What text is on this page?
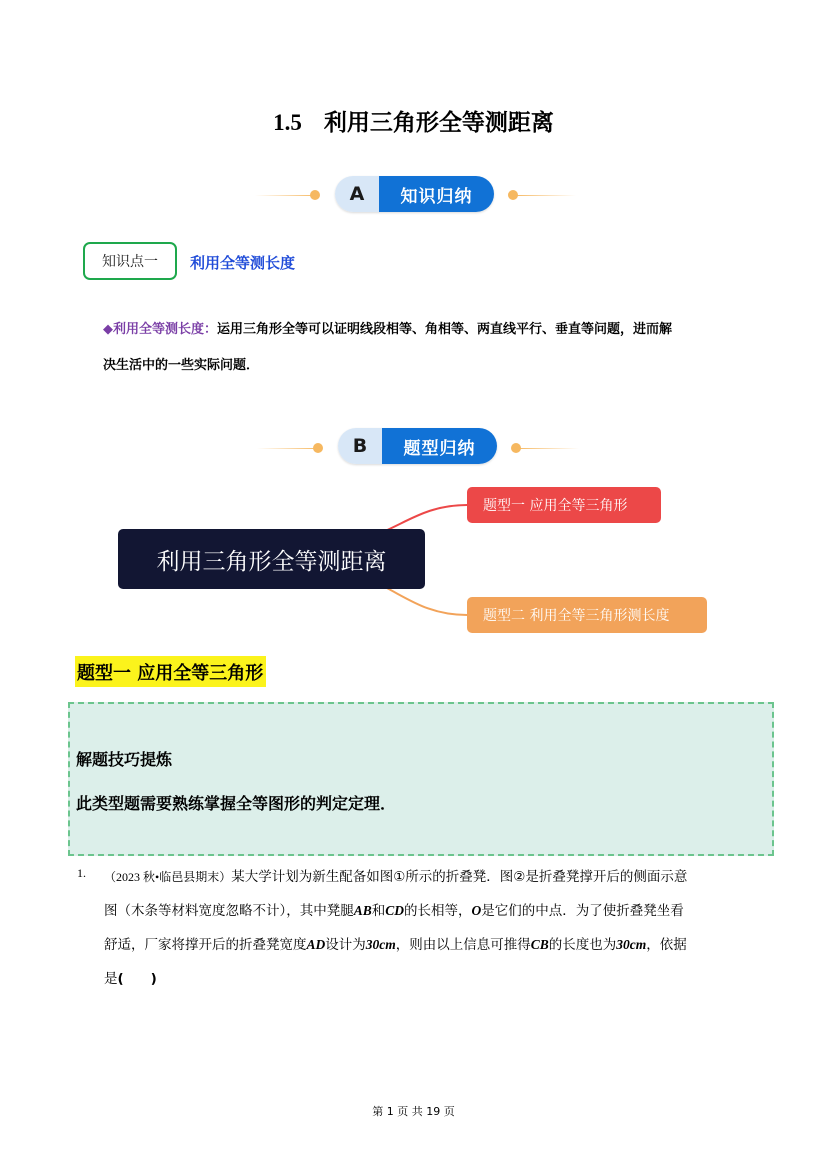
1.5 利用三角形全等测距离
A	知识归纳
知识点一	利用全等测长度
◆利用全等测长度：运用三角形全等可以证明线段相等、角相等、两直线平行、垂直等问题，进而解
决生活中的一些实际问题．
B	题型归纳
利用三角形全等测距离
题型一 应用全等三角形
题型二 利用全等三角形测长度
题型一 应用全等三角形
解题技巧提炼
此类型题需要熟练掌握全等图形的判定定理．
1. （2023 秋•临邑县期末）某大学计划为新生配备如图①所示的折叠凳．图②是折叠凳撑开后的侧面示意
图（木条等材料宽度忽略不计），其中凳腿AB和CD的长相等，O是它们的中点．为了使折叠凳坐看
舒适，厂家将撑开后的折叠凳宽度AD设计为30cm，则由以上信息可推得CB的长度也为30cm，依据
是(　　)
第 1 页 共 19 页
